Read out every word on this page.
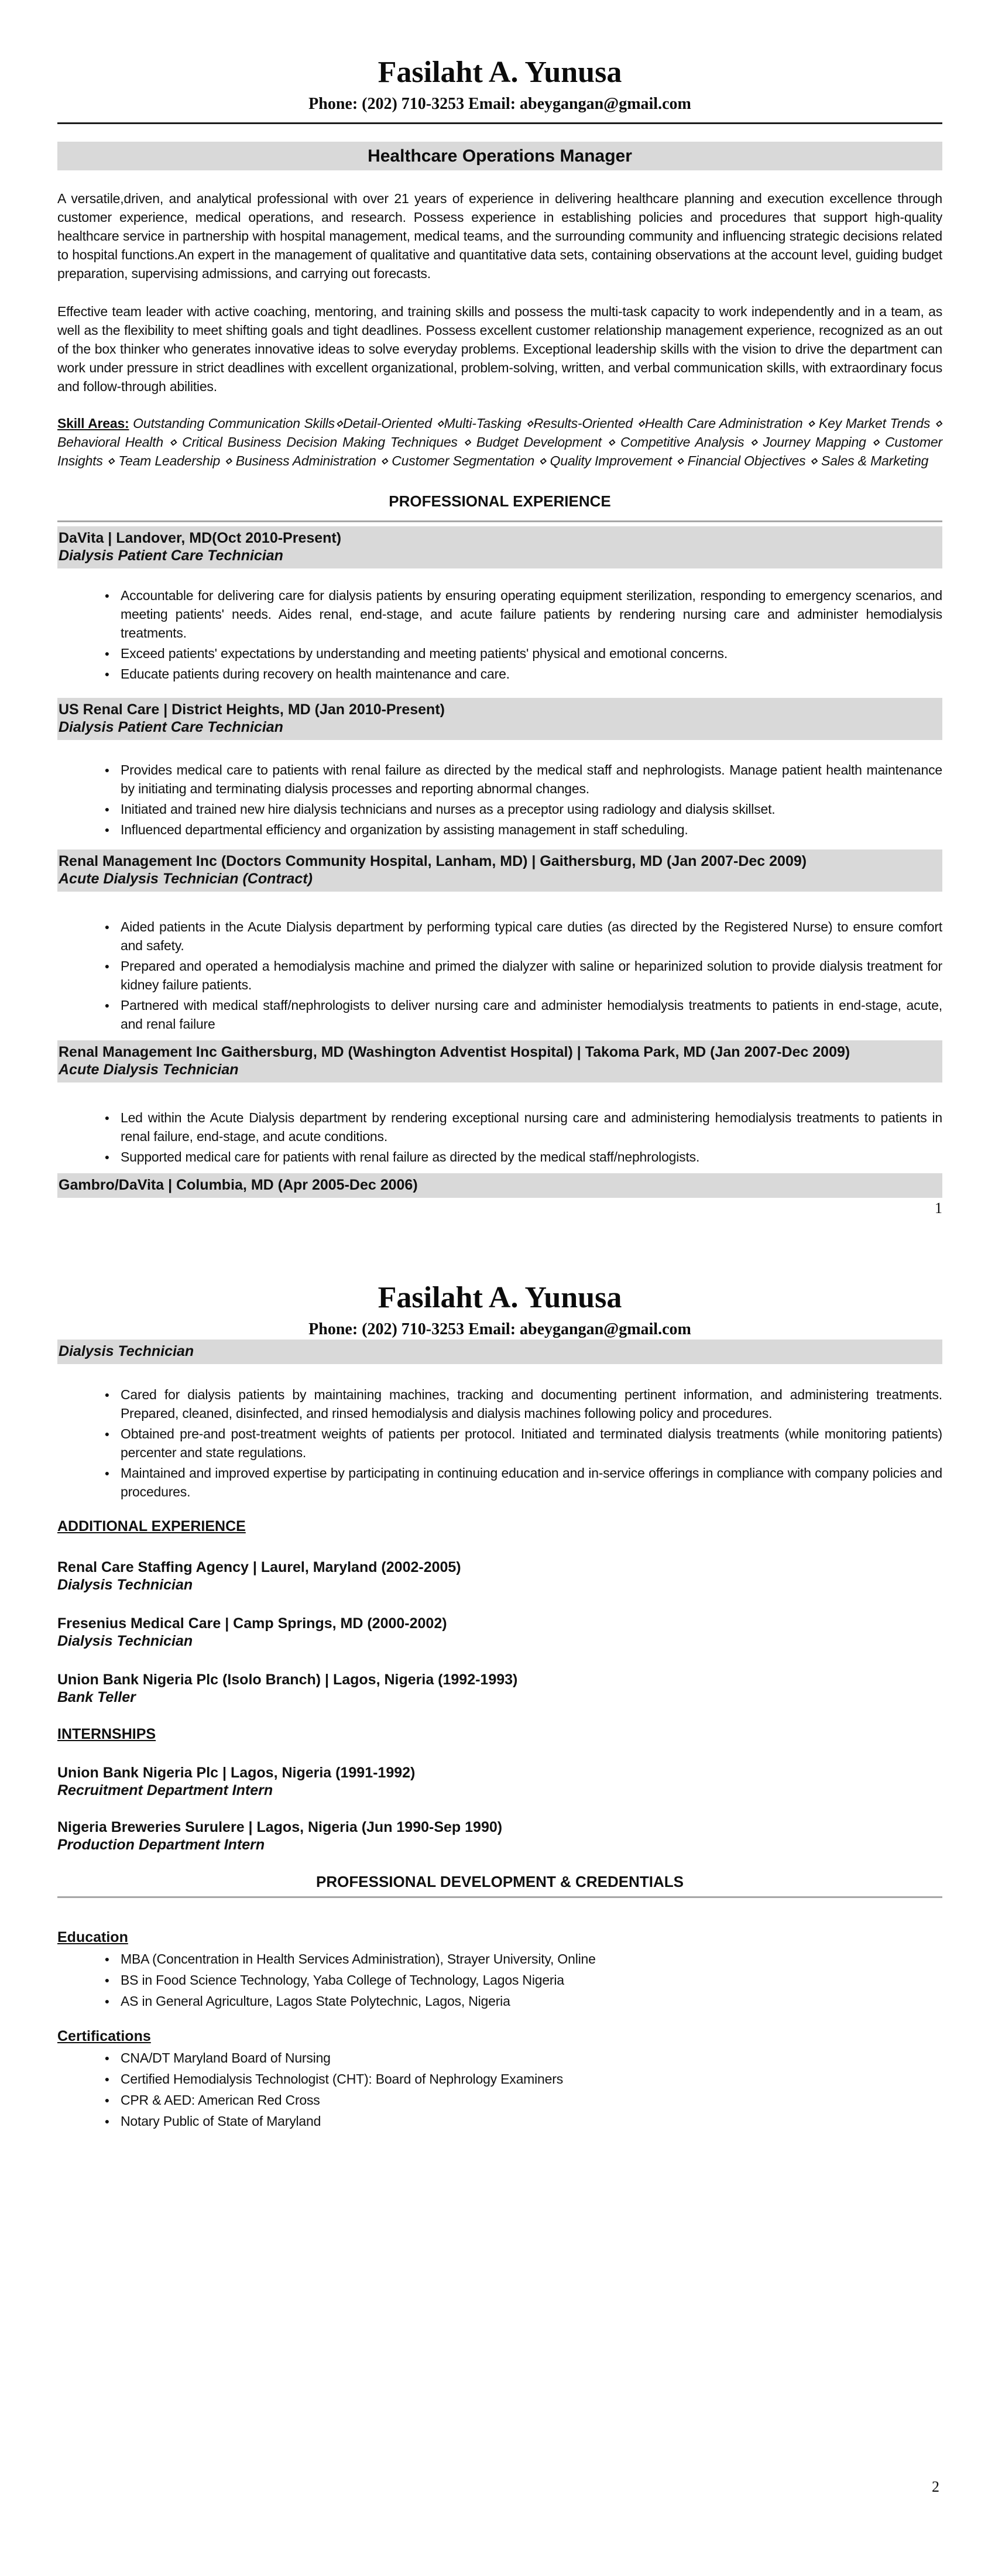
Fasilaht A. Yunusa
Phone: (202) 710-3253 Email: abeygangan@gmail.com
Healthcare Operations Manager

A versatile,driven, and analytical professional with over 21 years of experience in delivering healthcare planning and execution excellence through customer experience, medical operations, and research. Possess experience in establishing policies and procedures that support high-quality healthcare service in partnership with hospital management, medical teams, and the surrounding community and influencing strategic decisions related to hospital functions.An expert in the management of qualitative and quantitative data sets, containing observations at the account level, guiding budget preparation, supervising admissions, and carrying out forecasts.

Effective team leader with active coaching, mentoring, and training skills and possess the multi-task capacity to work independently and in a team, as well as the flexibility to meet shifting goals and tight deadlines. Possess excellent customer relationship management experience, recognized as an out of the box thinker who generates innovative ideas to solve everyday problems. Exceptional leadership skills with the vision to drive the department can work under pressure in strict deadlines with excellent organizational, problem-solving, written, and verbal communication skills, with extraordinary focus and follow-through abilities.

Skill Areas: Outstanding Communication Skills⋄Detail-Oriented ⋄Multi-Tasking ⋄Results-Oriented ⋄Health Care Administration ⋄ Key Market Trends ⋄ Behavioral Health ⋄ Critical Business Decision Making Techniques ⋄ Budget Development ⋄ Competitive Analysis ⋄ Journey Mapping ⋄ Customer Insights ⋄ Team Leadership ⋄ Business Administration ⋄ Customer Segmentation ⋄ Quality Improvement ⋄ Financial Objectives ⋄ Sales & Marketing

PROFESSIONAL EXPERIENCE
DaVita | Landover, MD(Oct 2010-Present)
Dialysis Patient Care Technician
● Accountable for delivering care for dialysis patients by ensuring operating equipment sterilization, responding to emergency scenarios, and meeting patients' needs. Aides renal, end-stage, and acute failure patients by rendering nursing care and administer hemodialysis treatments.
● Exceed patients' expectations by understanding and meeting patients' physical and emotional concerns.
● Educate patients during recovery on health maintenance and care.
US Renal Care | District Heights, MD (Jan 2010-Present)
Dialysis Patient Care Technician
● Provides medical care to patients with renal failure as directed by the medical staff and nephrologists. Manage patient health maintenance by initiating and terminating dialysis processes and reporting abnormal changes.
● Initiated and trained new hire dialysis technicians and nurses as a preceptor using radiology and dialysis skillset.
● Influenced departmental efficiency and organization by assisting management in staff scheduling.
Renal Management Inc (Doctors Community Hospital, Lanham, MD) | Gaithersburg, MD (Jan 2007-Dec 2009)
Acute Dialysis Technician (Contract)
● Aided patients in the Acute Dialysis department by performing typical care duties (as directed by the Registered Nurse) to ensure comfort and safety.
● Prepared and operated a hemodialysis machine and primed the dialyzer with saline or heparinized solution to provide dialysis treatment for kidney failure patients.
● Partnered with medical staff/nephrologists to deliver nursing care and administer hemodialysis treatments to patients in end-stage, acute, and renal failure
Renal Management Inc Gaithersburg, MD (Washington Adventist Hospital) | Takoma Park, MD (Jan 2007-Dec 2009)
Acute Dialysis Technician
● Led within the Acute Dialysis department by rendering exceptional nursing care and administering hemodialysis treatments to patients in renal failure, end-stage, and acute conditions.
● Supported medical care for patients with renal failure as directed by the medical staff/nephrologists.
Gambro/DaVita | Columbia, MD (Apr 2005-Dec 2006)
1
Fasilaht A. Yunusa
Phone: (202) 710-3253 Email: abeygangan@gmail.com
Dialysis Technician
● Cared for dialysis patients by maintaining machines, tracking and documenting pertinent information, and administering treatments. Prepared, cleaned, disinfected, and rinsed hemodialysis and dialysis machines following policy and procedures.
● Obtained pre-and post-treatment weights of patients per protocol. Initiated and terminated dialysis treatments (while monitoring patients) percenter and state regulations.
● Maintained and improved expertise by participating in continuing education and in-service offerings in compliance with company policies and procedures.
ADDITIONAL EXPERIENCE
Renal Care Staffing Agency | Laurel, Maryland (2002-2005)
Dialysis Technician
Fresenius Medical Care | Camp Springs, MD (2000-2002)
Dialysis Technician
Union Bank Nigeria Plc (Isolo Branch) | Lagos, Nigeria (1992-1993)
Bank Teller
INTERNSHIPS
Union Bank Nigeria Plc | Lagos, Nigeria (1991-1992)
Recruitment Department Intern
Nigeria Breweries Surulere | Lagos, Nigeria (Jun 1990-Sep 1990)
Production Department Intern
PROFESSIONAL DEVELOPMENT & CREDENTIALS
Education
● MBA (Concentration in Health Services Administration), Strayer University, Online
● BS in Food Science Technology, Yaba College of Technology, Lagos Nigeria
● AS in General Agriculture, Lagos State Polytechnic, Lagos, Nigeria
Certifications
● CNA/DT Maryland Board of Nursing
● Certified Hemodialysis Technologist (CHT): Board of Nephrology Examiners
● CPR & AED: American Red Cross
● Notary Public of State of Maryland
2
